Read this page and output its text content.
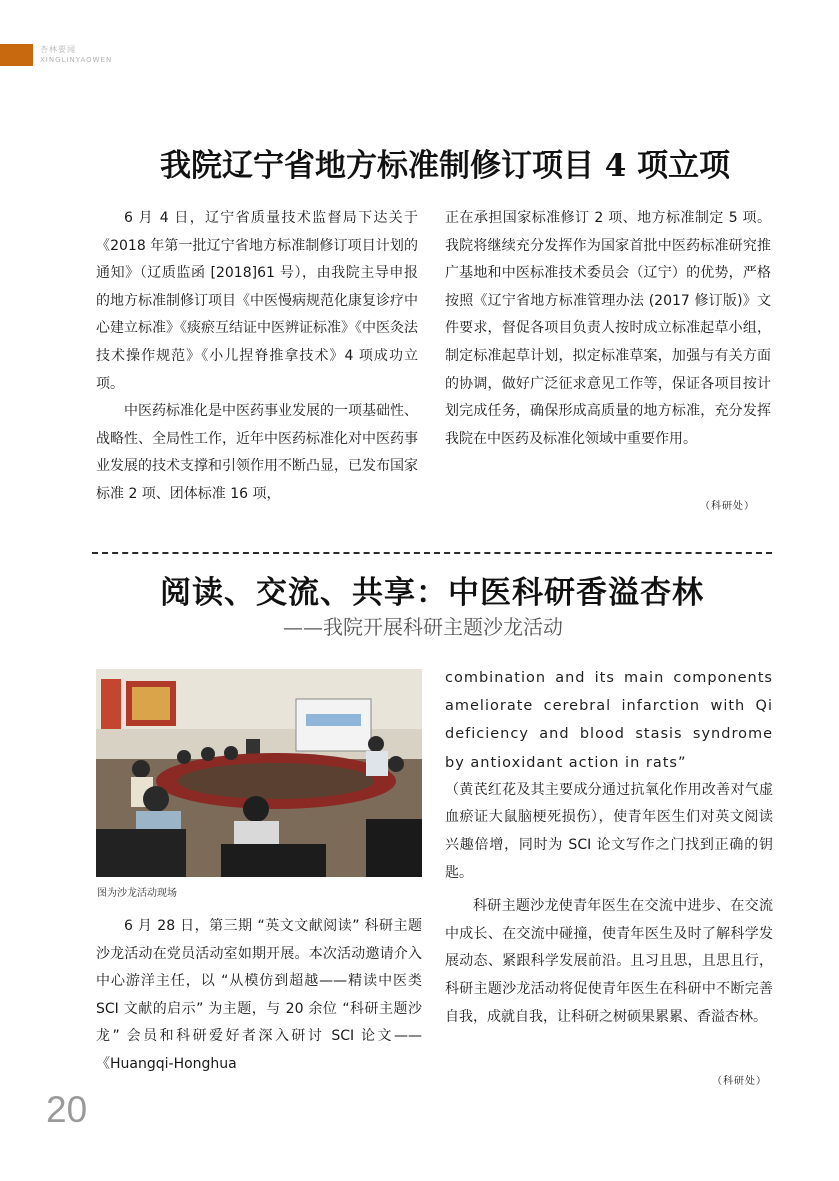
杏林要闻
XINGLINYAOWEN
我院辽宁省地方标准制修订项目 4 项立项

6 月 4 日，辽宁省质量技术监督局下达关于《2018 年第一批辽宁省地方标准制修订项目计划的通知》（辽质监函 [2018]61 号），由我院主导申报的地方标准制修订项目《中医慢病规范化康复诊疗中心建立标准》《痰瘀互结证中医辨证标准》《中医灸法技术操作规范》《小儿捏脊推拿技术》4 项成功立项。

中医药标准化是中医药事业发展的一项基础性、战略性、全局性工作，近年中医药标准化对中医药事业发展的技术支撑和引领作用不断凸显，已发布国家标准 2 项、团体标准 16 项，

正在承担国家标准修订 2 项、地方标准制定 5 项。我院将继续充分发挥作为国家首批中医药标准研究推广基地和中医标准技术委员会（辽宁）的优势，严格按照《辽宁省地方标准管理办法 (2017 修订版)》文件要求，督促各项目负责人按时成立标准起草小组，制定标准起草计划，拟定标准草案，加强与有关方面的协调，做好广泛征求意见工作等，保证各项目按计划完成任务，确保形成高质量的地方标准，充分发挥我院在中医药及标准化领域中重要作用。

（科研处）
阅读、交流、共享：中医科研香溢杏林
——我院开展科研主题沙龙活动
图为沙龙活动现场

6 月 28 日，第三期 “英文文献阅读” 科研主题沙龙活动在党员活动室如期开展。本次活动邀请介入中心游洋主任，以 “从模仿到超越——精读中医类 SCI 文献的启示” 为主题，与 20 余位 “科研主题沙龙” 会员和科研爱好者深入研讨 SCI 论文——《Huangqi-Honghua

combination and its main components ameliorate cerebral infarction with Qi deficiency and blood stasis syndrome by antioxidant action in rats”

（黄芪红花及其主要成分通过抗氧化作用改善对气虚血瘀证大鼠脑梗死损伤），使青年医生们对英文阅读兴趣倍增，同时为 SCI 论文写作之门找到正确的钥匙。

科研主题沙龙使青年医生在交流中进步、在交流中成长、在交流中碰撞，使青年医生及时了解科学发展动态、紧跟科学发展前沿。且习且思，且思且行，科研主题沙龙活动将促使青年医生在科研中不断完善自我，成就自我，让科研之树硕果累累、香溢杏林。

（科研处）
20
